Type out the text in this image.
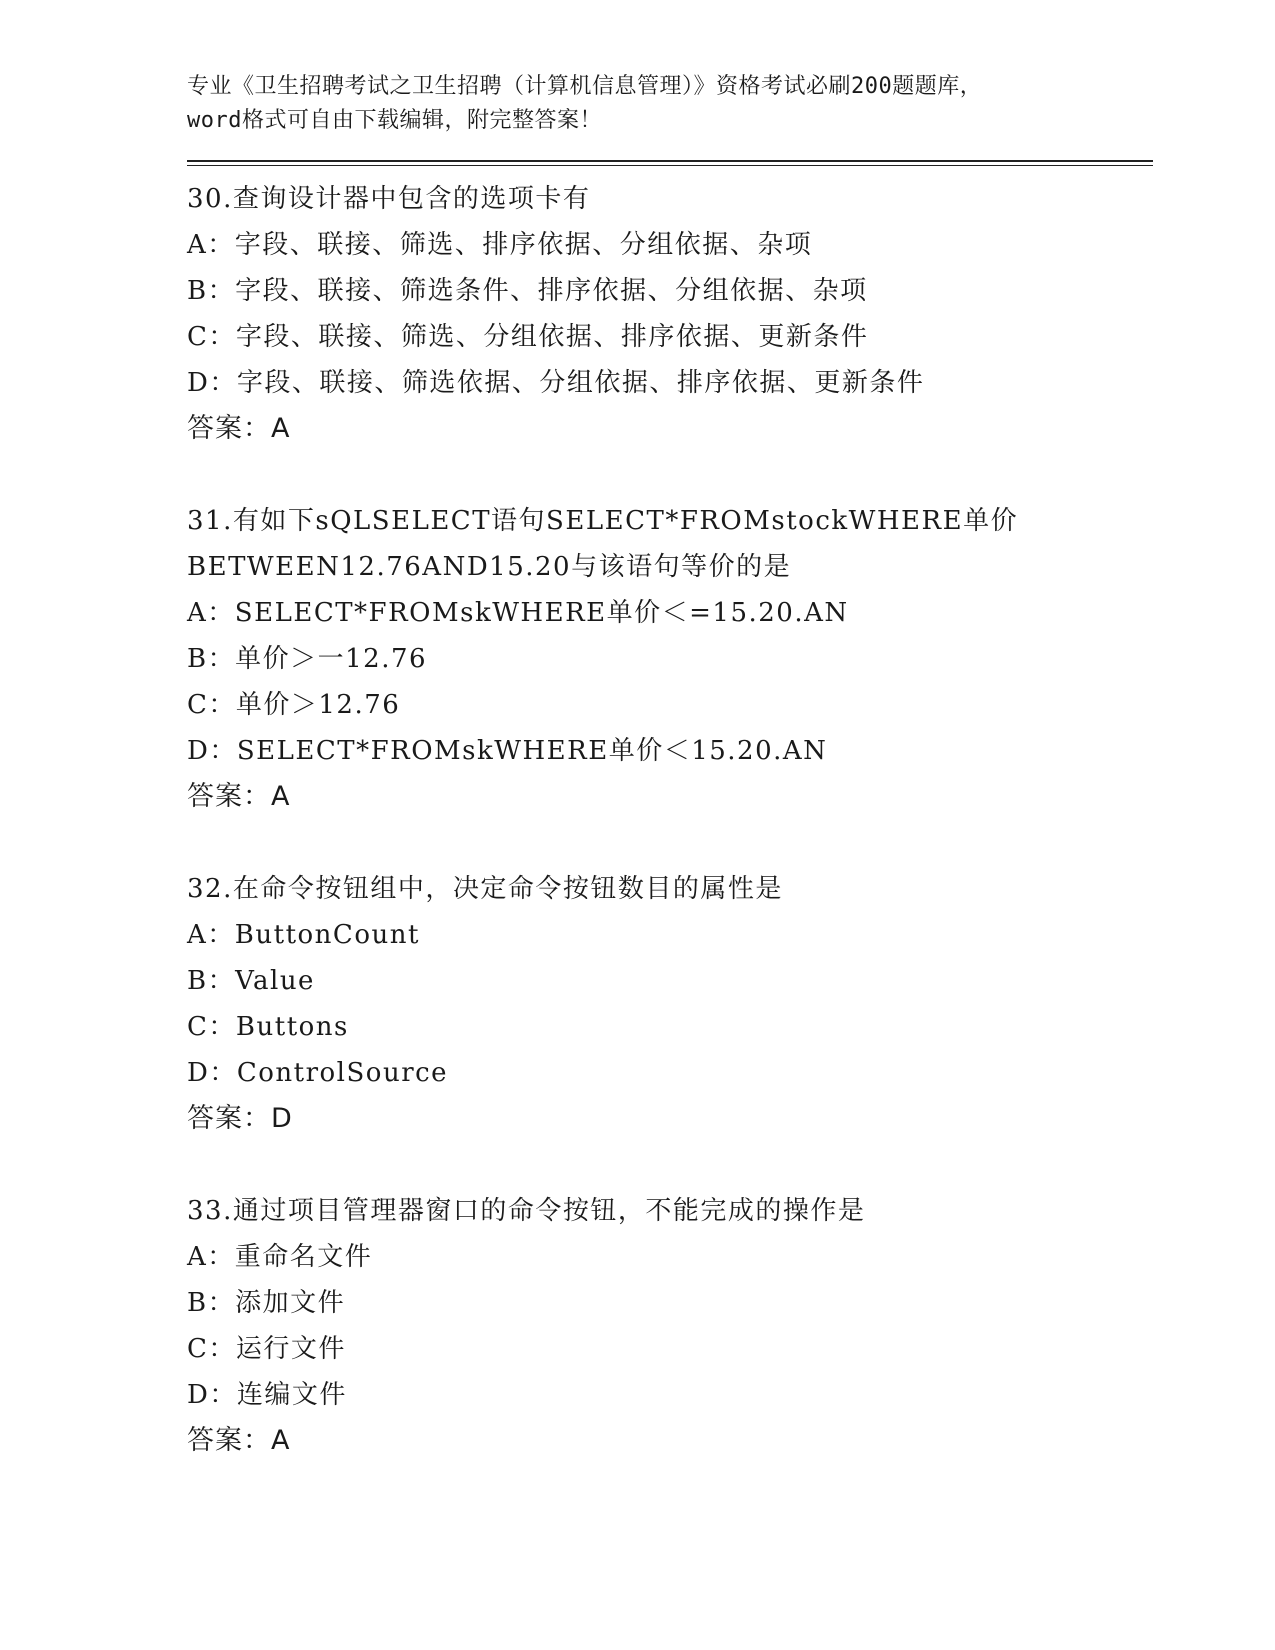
专业《卫生招聘考试之卫生招聘（计算机信息管理）》资格考试必刷200题题库，
word格式可自由下载编辑，附完整答案！
30.查询设计器中包含的选项卡有
A：字段、联接、筛选、排序依据、分组依据、杂项
B：字段、联接、筛选条件、排序依据、分组依据、杂项
C：字段、联接、筛选、分组依据、排序依据、更新条件
D：字段、联接、筛选依据、分组依据、排序依据、更新条件
答案：A
31.有如下sQLSELECT语句SELECT*FROMstockWHERE单价
BETWEEN12.76AND15.20与该语句等价的是
A：SELECT*FROMskWHERE单价＜=15.20.AN
B：单价＞一12.76
C：单价＞12.76
D：SELECT*FROMskWHERE单价＜15.20.AN
答案：A
32.在命令按钮组中，决定命令按钮数目的属性是
A：ButtonCount
B：Value
C：Buttons
D：ControlSource
答案：D
33.通过项目管理器窗口的命令按钮，不能完成的操作是
A：重命名文件
B：添加文件
C：运行文件
D：连编文件
答案：A
